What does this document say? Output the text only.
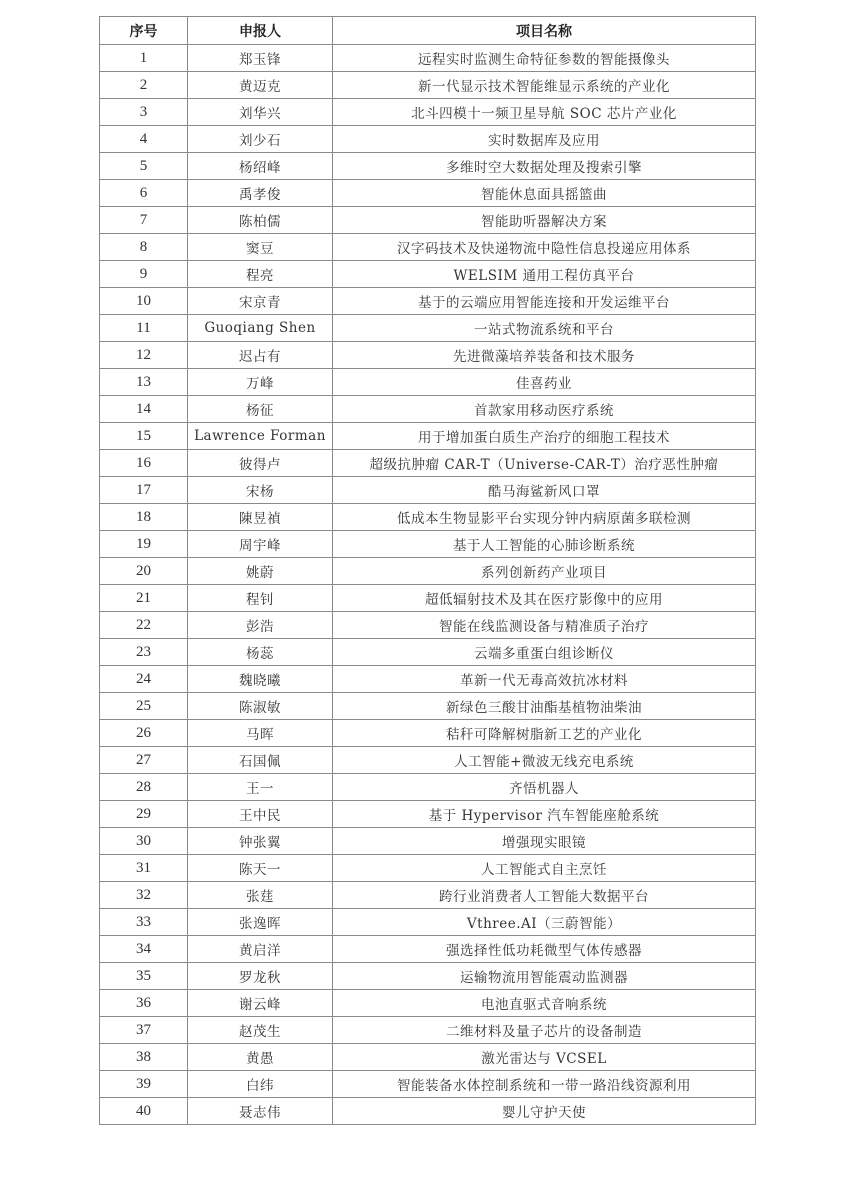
序号	申报人	项目名称
1	郑玉锋	远程实时监测生命特征参数的智能摄像头
2	黄迈克	新一代显示技术智能维显示系统的产业化
3	刘华兴	北斗四模十一频卫星导航 SOC 芯片产业化
4	刘少石	实时数据库及应用
5	杨绍峰	多维时空大数据处理及搜索引擎
6	禹孝俊	智能休息面具摇篮曲
7	陈柏儒	智能助听器解决方案
8	窦豆	汉字码技术及快递物流中隐性信息投递应用体系
9	程亮	WELSIM 通用工程仿真平台
10	宋京青	基于的云端应用智能连接和开发运维平台
11	Guoqiang Shen	一站式物流系统和平台
12	迟占有	先进微藻培养装备和技术服务
13	万峰	佳喜药业
14	杨征	首款家用移动医疗系统
15	Lawrence Forman	用于增加蛋白质生产治疗的细胞工程技术
16	彼得卢	超级抗肿瘤 CAR-T（Universe-CAR-T）治疗恶性肿瘤
17	宋杨	酷马海鲨新风口罩
18	陳昱禎	低成本生物显影平台实现分钟内病原菌多联检测
19	周宇峰	基于人工智能的心肺诊断系统
20	姚蔚	系列创新药产业项目
21	程钊	超低辐射技术及其在医疗影像中的应用
22	彭浩	智能在线监测设备与精准质子治疗
23	杨蕊	云端多重蛋白组诊断仪
24	魏晓曦	革新一代无毒高效抗冰材料
25	陈淑敏	新绿色三酸甘油酯基植物油柴油
26	马晖	秸秆可降解树脂新工艺的产业化
27	石国佩	人工智能+微波无线充电系统
28	王一	齐悟机器人
29	王中民	基于 Hypervisor 汽车智能座舱系统
30	钟张翼	增强现实眼镜
31	陈天一	人工智能式自主烹饪
32	张莛	跨行业消费者人工智能大数据平台
33	张逸晖	Vthree.AI（三蔚智能）
34	黄启洋	强选择性低功耗微型气体传感器
35	罗龙秋	运输物流用智能震动监测器
36	谢云峰	电池直驱式音响系统
37	赵茂生	二维材料及量子芯片的设备制造
38	黄愚	激光雷达与 VCSEL
39	白纬	智能装备水体控制系统和一带一路沿线资源利用
40	聂志伟	婴儿守护天使
